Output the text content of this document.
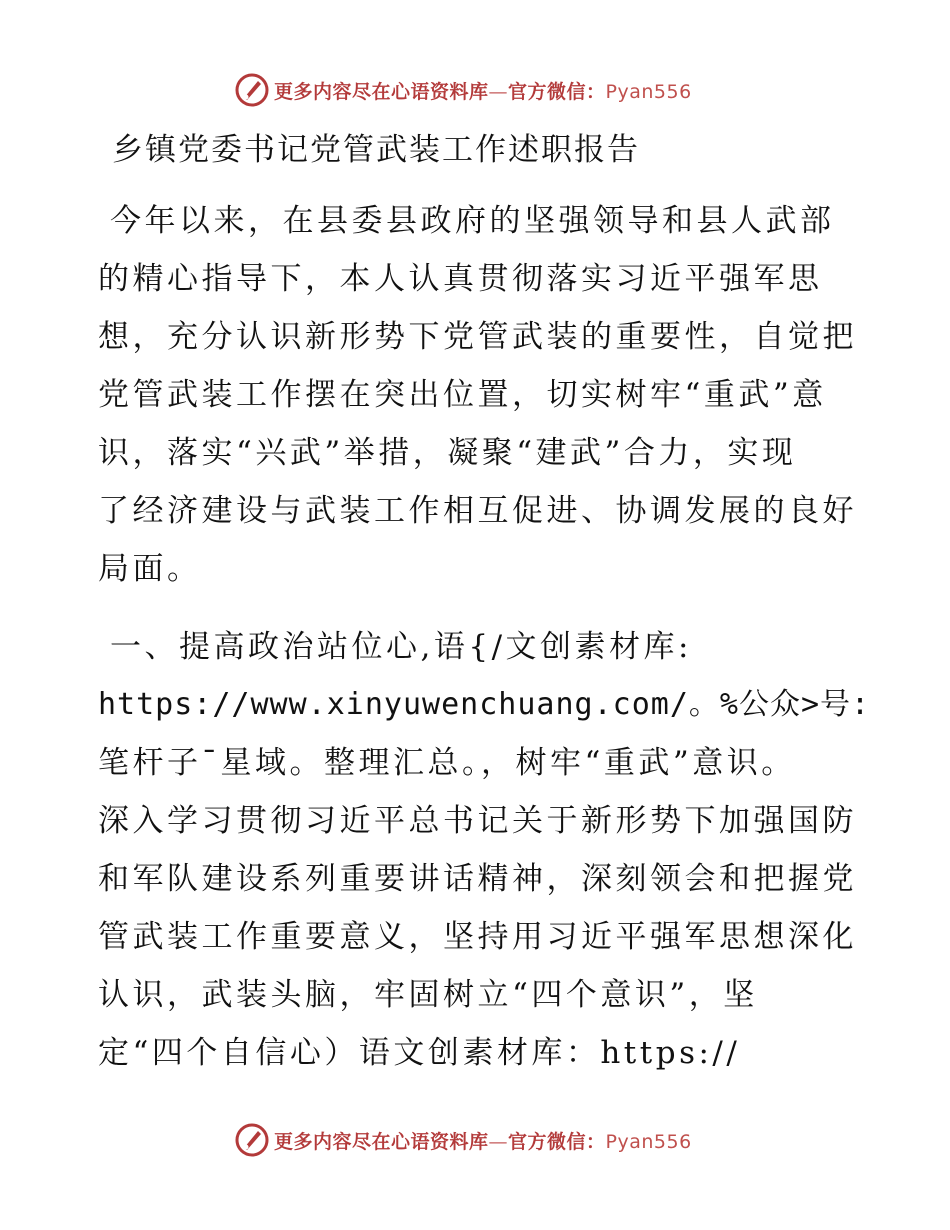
更多内容尽在心语资料库—官方微信：Pyan556
乡镇党委书记党管武装工作述职报告
今年以来，在县委县政府的坚强领导和县人武部
的精心指导下，本人认真贯彻落实习近平强军思
想，充分认识新形势下党管武装的重要性，自觉把
党管武装工作摆在突出位置，切实树牢“重武”意
识，落实“兴武”举措，凝聚“建武”合力，实现
了经济建设与武装工作相互促进、协调发展的良好
局面。
一、提高政治站位心,语{/文创素材库:
https://www.xinyuwenchuang.com/。%公众>号:
笔杆子¯星域。整理汇总。，树牢“重武”意识。
深入学习贯彻习近平总书记关于新形势下加强国防
和军队建设系列重要讲话精神，深刻领会和把握党
管武装工作重要意义，坚持用习近平强军思想深化
认识，武装头脑，牢固树立“四个意识”，坚
定“四个自信心）语文创素材库：https://
更多内容尽在心语资料库—官方微信：Pyan556
